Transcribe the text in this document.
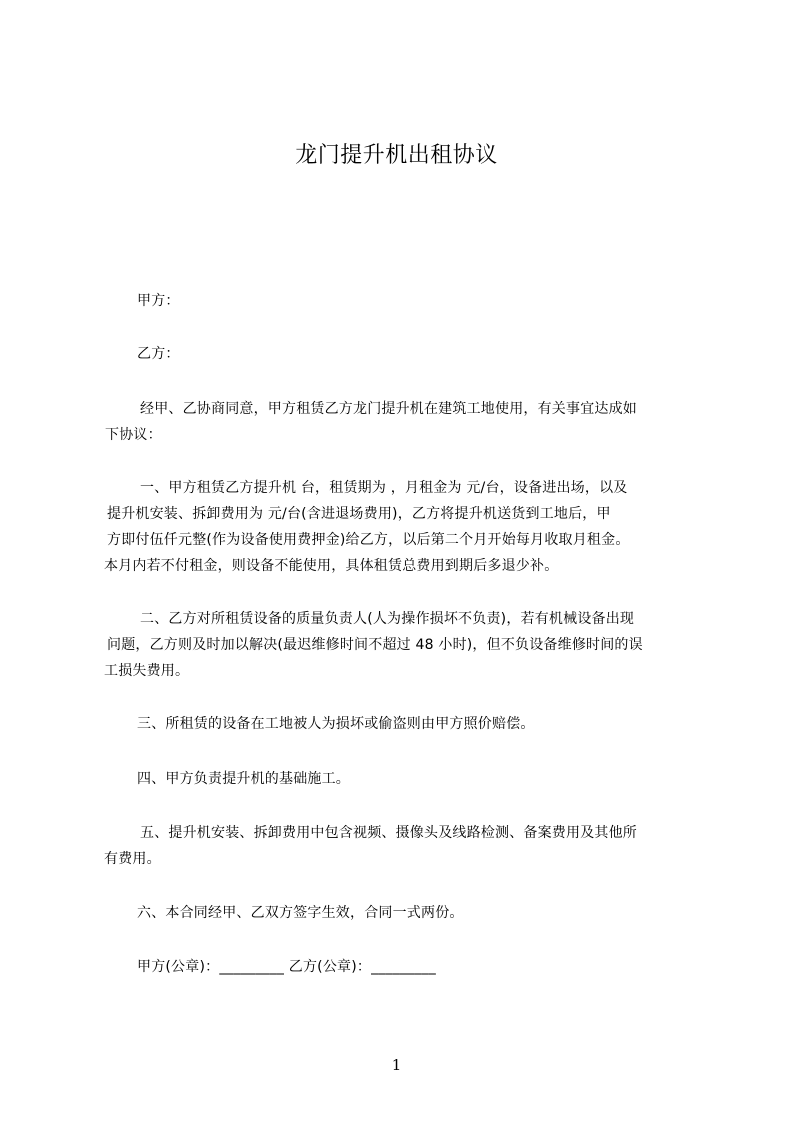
龙门提升机出租协议
甲方：
乙方：
经甲、乙协商同意，甲方租赁乙方龙门提升机在建筑工地使用，有关事宜达成如
下协议：
一、甲方租赁乙方提升机 台，租赁期为 ，月租金为 元/台，设备进出场，以及
提升机安装、拆卸费用为 元/台(含进退场费用)，乙方将提升机送货到工地后，甲
方即付伍仟元整(作为设备使用费押金)给乙方，以后第二个月开始每月收取月租金。
本月内若不付租金，则设备不能使用，具体租赁总费用到期后多退少补。
二、乙方对所租赁设备的质量负责人(人为操作损坏不负责)，若有机械设备出现
问题，乙方则及时加以解决(最迟维修时间不超过 48 小时)，但不负设备维修时间的误
工损失费用。
三、所租赁的设备在工地被人为损坏或偷盗则由甲方照价赔偿。
四、甲方负责提升机的基础施工。
五、提升机安装、拆卸费用中包含视频、摄像头及线路检测、备案费用及其他所
有费用。
六、本合同经甲、乙双方签字生效，合同一式两份。
甲方(公章)：_________ 乙方(公章)：_________
1
